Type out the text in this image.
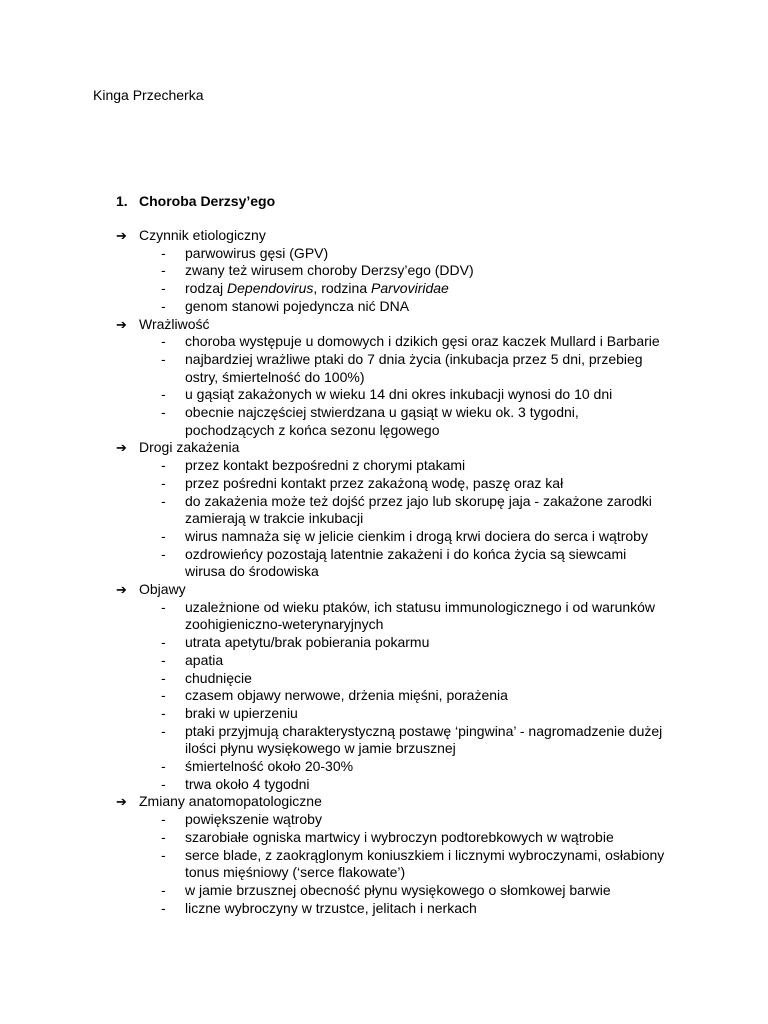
Kinga Przecherka
1. Choroba Derzsy’ego
➔ Czynnik etiologiczny
- parwowirus gęsi (GPV)
- zwany też wirusem choroby Derzsy’ego (DDV)
- rodzaj Dependovirus, rodzina Parvoviridae
- genom stanowi pojedyncza nić DNA
➔ Wrażliwość
- choroba występuje u domowych i dzikich gęsi oraz kaczek Mullard i Barbarie
- najbardziej wrażliwe ptaki do 7 dnia życia (inkubacja przez 5 dni, przebieg
ostry, śmiertelność do 100%)
- u gąsiąt zakażonych w wieku 14 dni okres inkubacji wynosi do 10 dni
- obecnie najczęściej stwierdzana u gąsiąt w wieku ok. 3 tygodni,
pochodzących z końca sezonu lęgowego
➔ Drogi zakażenia
- przez kontakt bezpośredni z chorymi ptakami
- przez pośredni kontakt przez zakażoną wodę, paszę oraz kał
- do zakażenia może też dojść przez jajo lub skorupę jaja - zakażone zarodki
zamierają w trakcie inkubacji
- wirus namnaża się w jelicie cienkim i drogą krwi dociera do serca i wątroby
- ozdrowieńcy pozostają latentnie zakażeni i do końca życia są siewcami
wirusa do środowiska
➔ Objawy
- uzależnione od wieku ptaków, ich statusu immunologicznego i od warunków
zoohigieniczno-weterynaryjnych
- utrata apetytu/brak pobierania pokarmu
- apatia
- chudnięcie
- czasem objawy nerwowe, drżenia mięśni, porażenia
- braki w upierzeniu
- ptaki przyjmują charakterystyczną postawę ‘pingwina’ - nagromadzenie dużej
ilości płynu wysiękowego w jamie brzusznej
- śmiertelność około 20-30%
- trwa około 4 tygodni
➔ Zmiany anatomopatologiczne
- powiększenie wątroby
- szarobiałe ogniska martwicy i wybroczyn podtorebkowych w wątrobie
- serce blade, z zaokrąglonym koniuszkiem i licznymi wybroczynami, osłabiony
tonus mięśniowy (‘serce flakowate’)
- w jamie brzusznej obecność płynu wysiękowego o słomkowej barwie
- liczne wybroczyny w trzustce, jelitach i nerkach
